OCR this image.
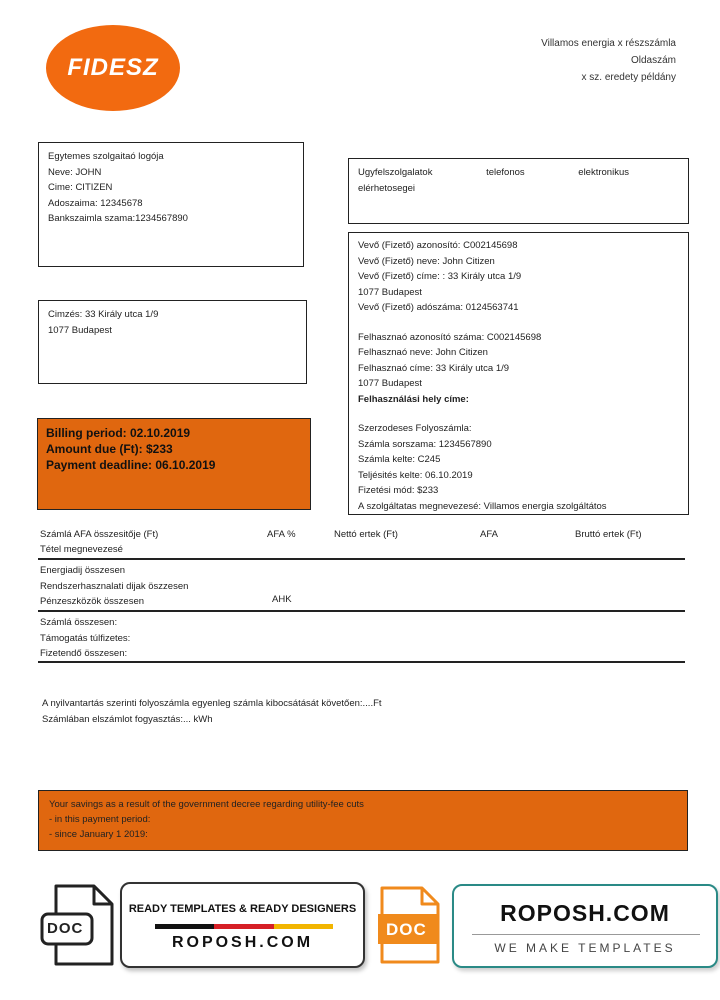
FIDESZ
Villamos energia x részszámla
Oldaszám
x sz. eredety példány
Egytemes szolgaitaó logója
Neve: JOHN
Cime: CITIZEN
Adoszaima: 12345678
Bankszaimla szama:1234567890
Ugyfelszolgalatok	telefonos	elektronikus
elérhetosegei
Vevő (Fizető) azonosító: C002145698
Vevő (Fizető) neve: John Citizen
Vevő (Fizető) címe: : 33 Király utca 1/9
1077 Budapest
Vevő (Fizető) adószáma: 0124563741
Felhasznaó azonosító száma: C002145698
Felhasznaó neve: John Citizen
Felhasznaó címe: 33 Király utca 1/9
1077 Budapest
Felhasználási hely címe:
Szerzodeses Folyoszámla:
Számla sorszama: 1234567890
Számla kelte: C245
Teljésités kelte: 06.10.2019
Fizetési mód: $233
A szolgáltatas megnevezesé: Villamos energia szolgáltátos
Cimzés: 33 Király utca 1/9
1077 Budapest
Billing period: 02.10.2019
Amount due (Ft): $233
Payment deadline: 06.10.2019
Számlá AFA összesitője (Ft)	AFA %	Nettó ertek (Ft)	AFA	Bruttó ertek (Ft)
Tétel megnevezesé
Energiadij összesen
Rendszerhasznalati dijak öszzesen
Pénzeszközök összesen	AHK
Számlá összesen:
Támogatás túlfizetes:
Fizetendő összesen:
A nyilvantartás szerinti folyoszámla egyenleg számla kibocsátását követően:....Ft
Számlában elszámlot fogyasztás:... kWh
Your savings as a result of the government decree regarding utility-fee cuts
- in this payment period:
- since January 1 2019:
DOC
READY TEMPLATES & READY DESIGNERS
ROPOSH.COM
DOC
ROPOSH.COM
WE MAKE TEMPLATES
